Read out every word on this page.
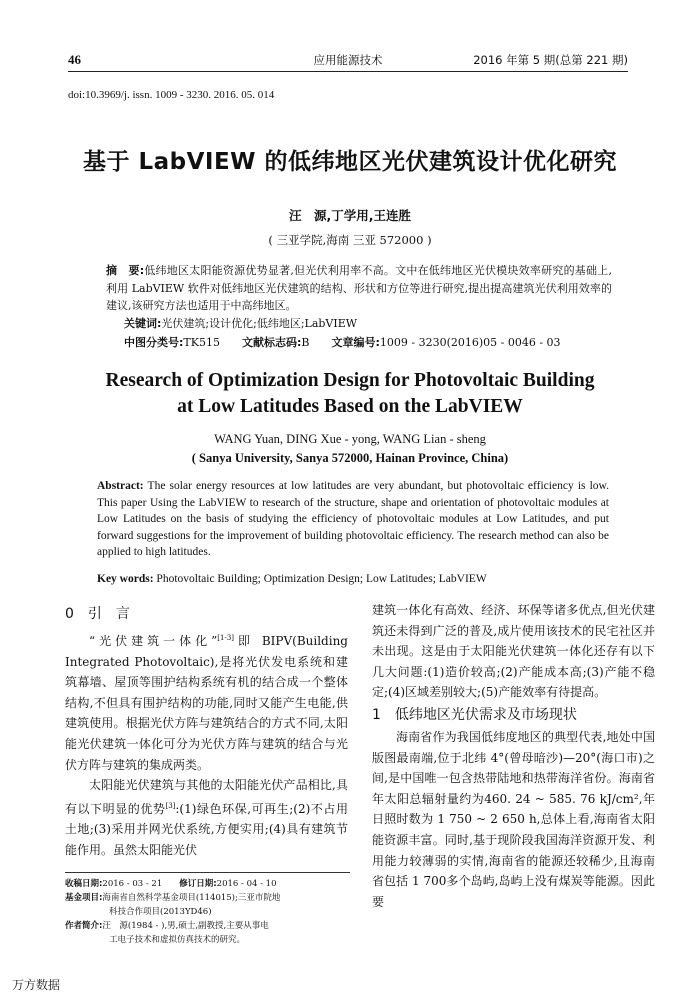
46	应用能源技术	2016 年第 5 期(总第 221 期)
doi:10.3969/j. issn. 1009 - 3230. 2016. 05. 014
基于 LabVIEW 的低纬地区光伏建筑设计优化研究
汪　源,丁学用,王连胜
( 三亚学院,海南 三亚 572000 )
摘　要:低纬地区太阳能资源优势显著,但光伏利用率不高。文中在低纬地区光伏模块效率研究的基础上,利用 LabVIEW 软件对低纬地区光伏建筑的结构、形状和方位等进行研究,提出提高建筑光伏利用效率的建议,该研究方法也适用于中高纬地区。
关键词:光伏建筑;设计优化;低纬地区;LabVIEW
中图分类号:TK515 文献标志码:B 文章编号:1009 - 3230(2016)05 - 0046 - 03
Research of Optimization Design for Photovoltaic Building
at Low Latitudes Based on the LabVIEW
WANG Yuan, DING Xue - yong, WANG Lian - sheng
( Sanya University, Sanya 572000, Hainan Province, China)
Abstract: The solar energy resources at low latitudes are very abundant, but photovoltaic efficiency is low. This paper Using the LabVIEW to research of the structure, shape and orientation of photovoltaic modules at Low Latitudes on the basis of studying the efficiency of photovoltaic modules at Low Latitudes, and put forward suggestions for the improvement of building photovoltaic efficiency. The research method can also be applied to high latitudes.
Key words: Photovoltaic Building; Optimization Design; Low Latitudes; LabVIEW
0　引　言

“光伏建筑一体化”[1-3]即 BIPV(Building Integrated Photovoltaic),是将光伏发电系统和建筑幕墙、屋顶等围护结构系统有机的结合成一个整体结构,不但具有围护结构的功能,同时又能产生电能,供建筑使用。根据光伏方阵与建筑结合的方式不同,太阳能光伏建筑一体化可分为光伏方阵与建筑的结合与光伏方阵与建筑的集成两类。

太阳能光伏建筑与其他的太阳能光伏产品相比,具有以下明显的优势[3]:(1)绿色环保,可再生;(2)不占用土地;(3)采用并网光伏系统,方便实用;(4)具有建筑节能作用。虽然太阳能光伏

建筑一体化有高效、经济、环保等诸多优点,但光伏建筑还未得到广泛的普及,成片使用该技术的民宅社区并未出现。这是由于太阳能光伏建筑一体化还存有以下几大问题:(1)造价较高;(2)产能成本高;(3)产能不稳定;(4)区域差别较大;(5)产能效率有待提高。

1　低纬地区光伏需求及市场现状

海南省作为我国低纬度地区的典型代表,地处中国版图最南端,位于北纬 4°(曾母暗沙)—20°(海口市)之间,是中国唯一包含热带陆地和热带海洋省份。海南省年太阳总辐射量约为460. 24 ~ 585. 76 kJ/cm²,年日照时数为 1 750 ~ 2 650 h,总体上看,海南省太阳能资源丰富。同时,基于现阶段我国海洋资源开发、利用能力较薄弱的实情,海南省的能源还较稀少,且海南省包括 1 700多个岛屿,岛屿上没有煤炭等能源。因此要

收稿日期:2016 - 03 - 21　　 修订日期:2016 - 04 - 10
基金项目:海南省自然科学基金项目(114015);三亚市院地
科技合作项目(2013YD46)
作者简介:汪　源(1984 - ),男,硕士,副教授,主要从事电
工电子技术和虚拟仿真技术的研究。
万方数据
